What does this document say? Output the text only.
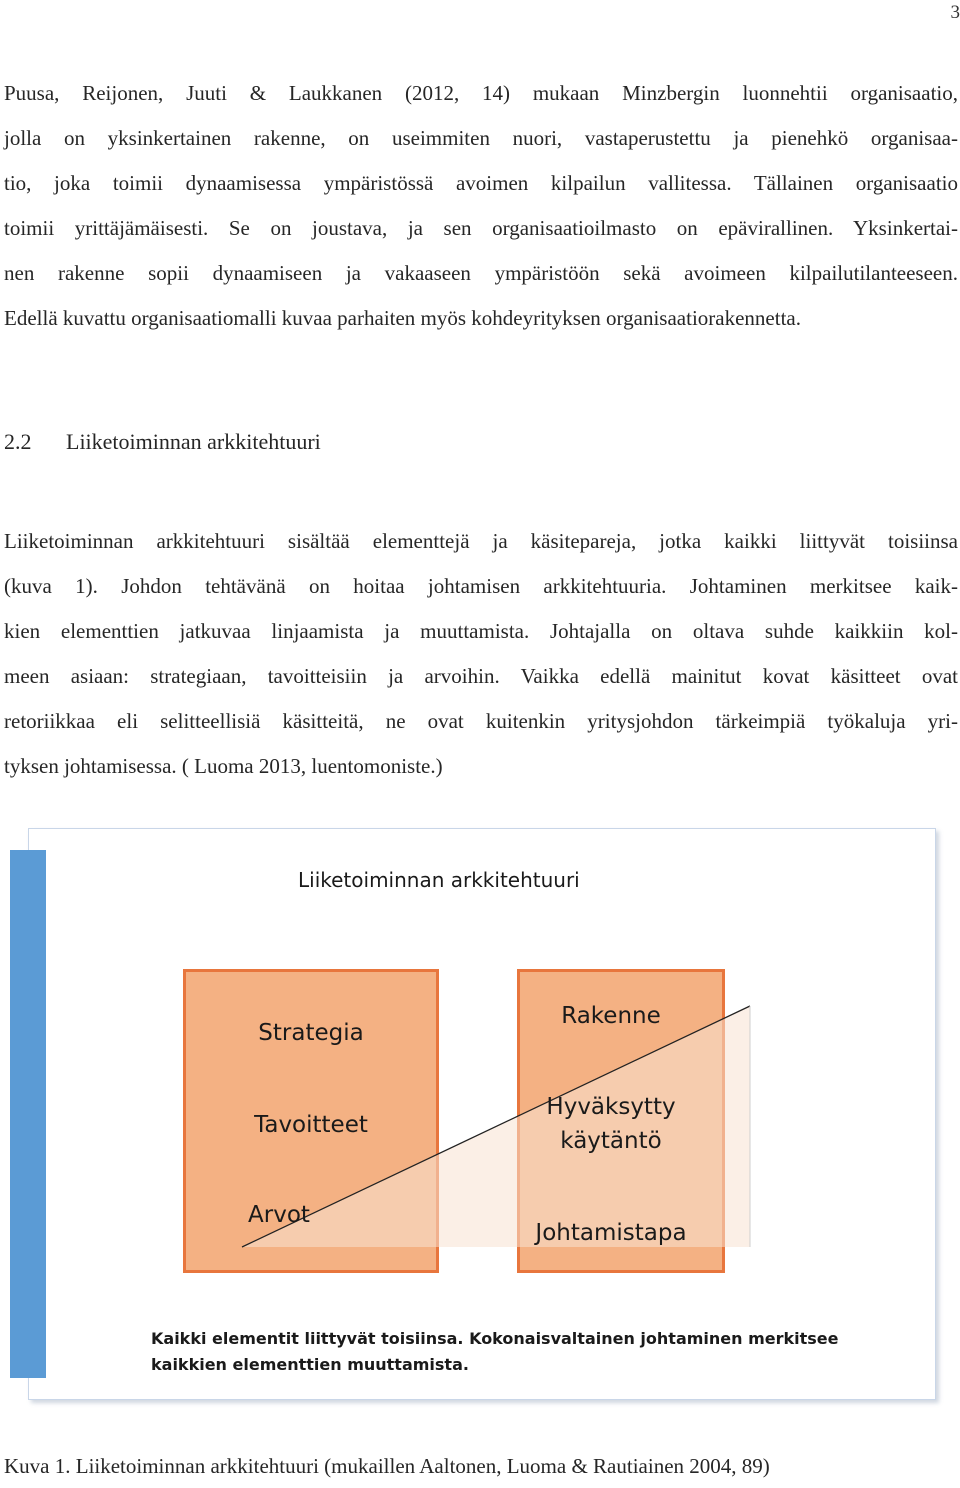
3
Puusa, Reijonen, Juuti & Laukkanen (2012, 14) mukaan Minzbergin luonnehtii organisaatio,
jolla on yksinkertainen rakenne, on useimmiten nuori, vastaperustettu ja pienehkö organisaa-
tio, joka toimii dynaamisessa ympäristössä avoimen kilpailun vallitessa. Tällainen organisaatio
toimii yrittäjämäisesti. Se on joustava, ja sen organisaatioilmasto on epävirallinen. Yksinkertai-
nen rakenne sopii dynaamiseen ja vakaaseen ympäristöön sekä avoimeen kilpailutilanteeseen.
Edellä kuvattu organisaatiomalli kuvaa parhaiten myös kohdeyrityksen organisaatiorakennetta.
2.2 Liiketoiminnan arkkitehtuuri
Liiketoiminnan arkkitehtuuri sisältää elementtejä ja käsitepareja, jotka kaikki liittyvät toisiinsa
(kuva 1). Johdon tehtävänä on hoitaa johtamisen arkkitehtuuria. Johtaminen merkitsee kaik-
kien elementtien jatkuvaa linjaamista ja muuttamista. Johtajalla on oltava suhde kaikkiin kol-
meen asiaan: strategiaan, tavoitteisiin ja arvoihin. Vaikka edellä mainitut kovat käsitteet ovat
retoriikkaa eli selitteellisiä käsitteitä, ne ovat kuitenkin yritysjohdon tärkeimpiä työkaluja yri-
tyksen johtamisessa. ( Luoma 2013, luentomoniste.)
Liiketoiminnan arkkitehtuuri
Strategia
Tavoitteet
Arvot
Rakenne
Hyväksytty
käytäntö
Johtamistapa
Kaikki elementit liittyvät toisiinsa. Kokonaisvaltainen johtaminen merkitsee
kaikkien elementtien muuttamista.
Kuva 1. Liiketoiminnan arkkitehtuuri (mukaillen Aaltonen, Luoma & Rautiainen 2004, 89)
